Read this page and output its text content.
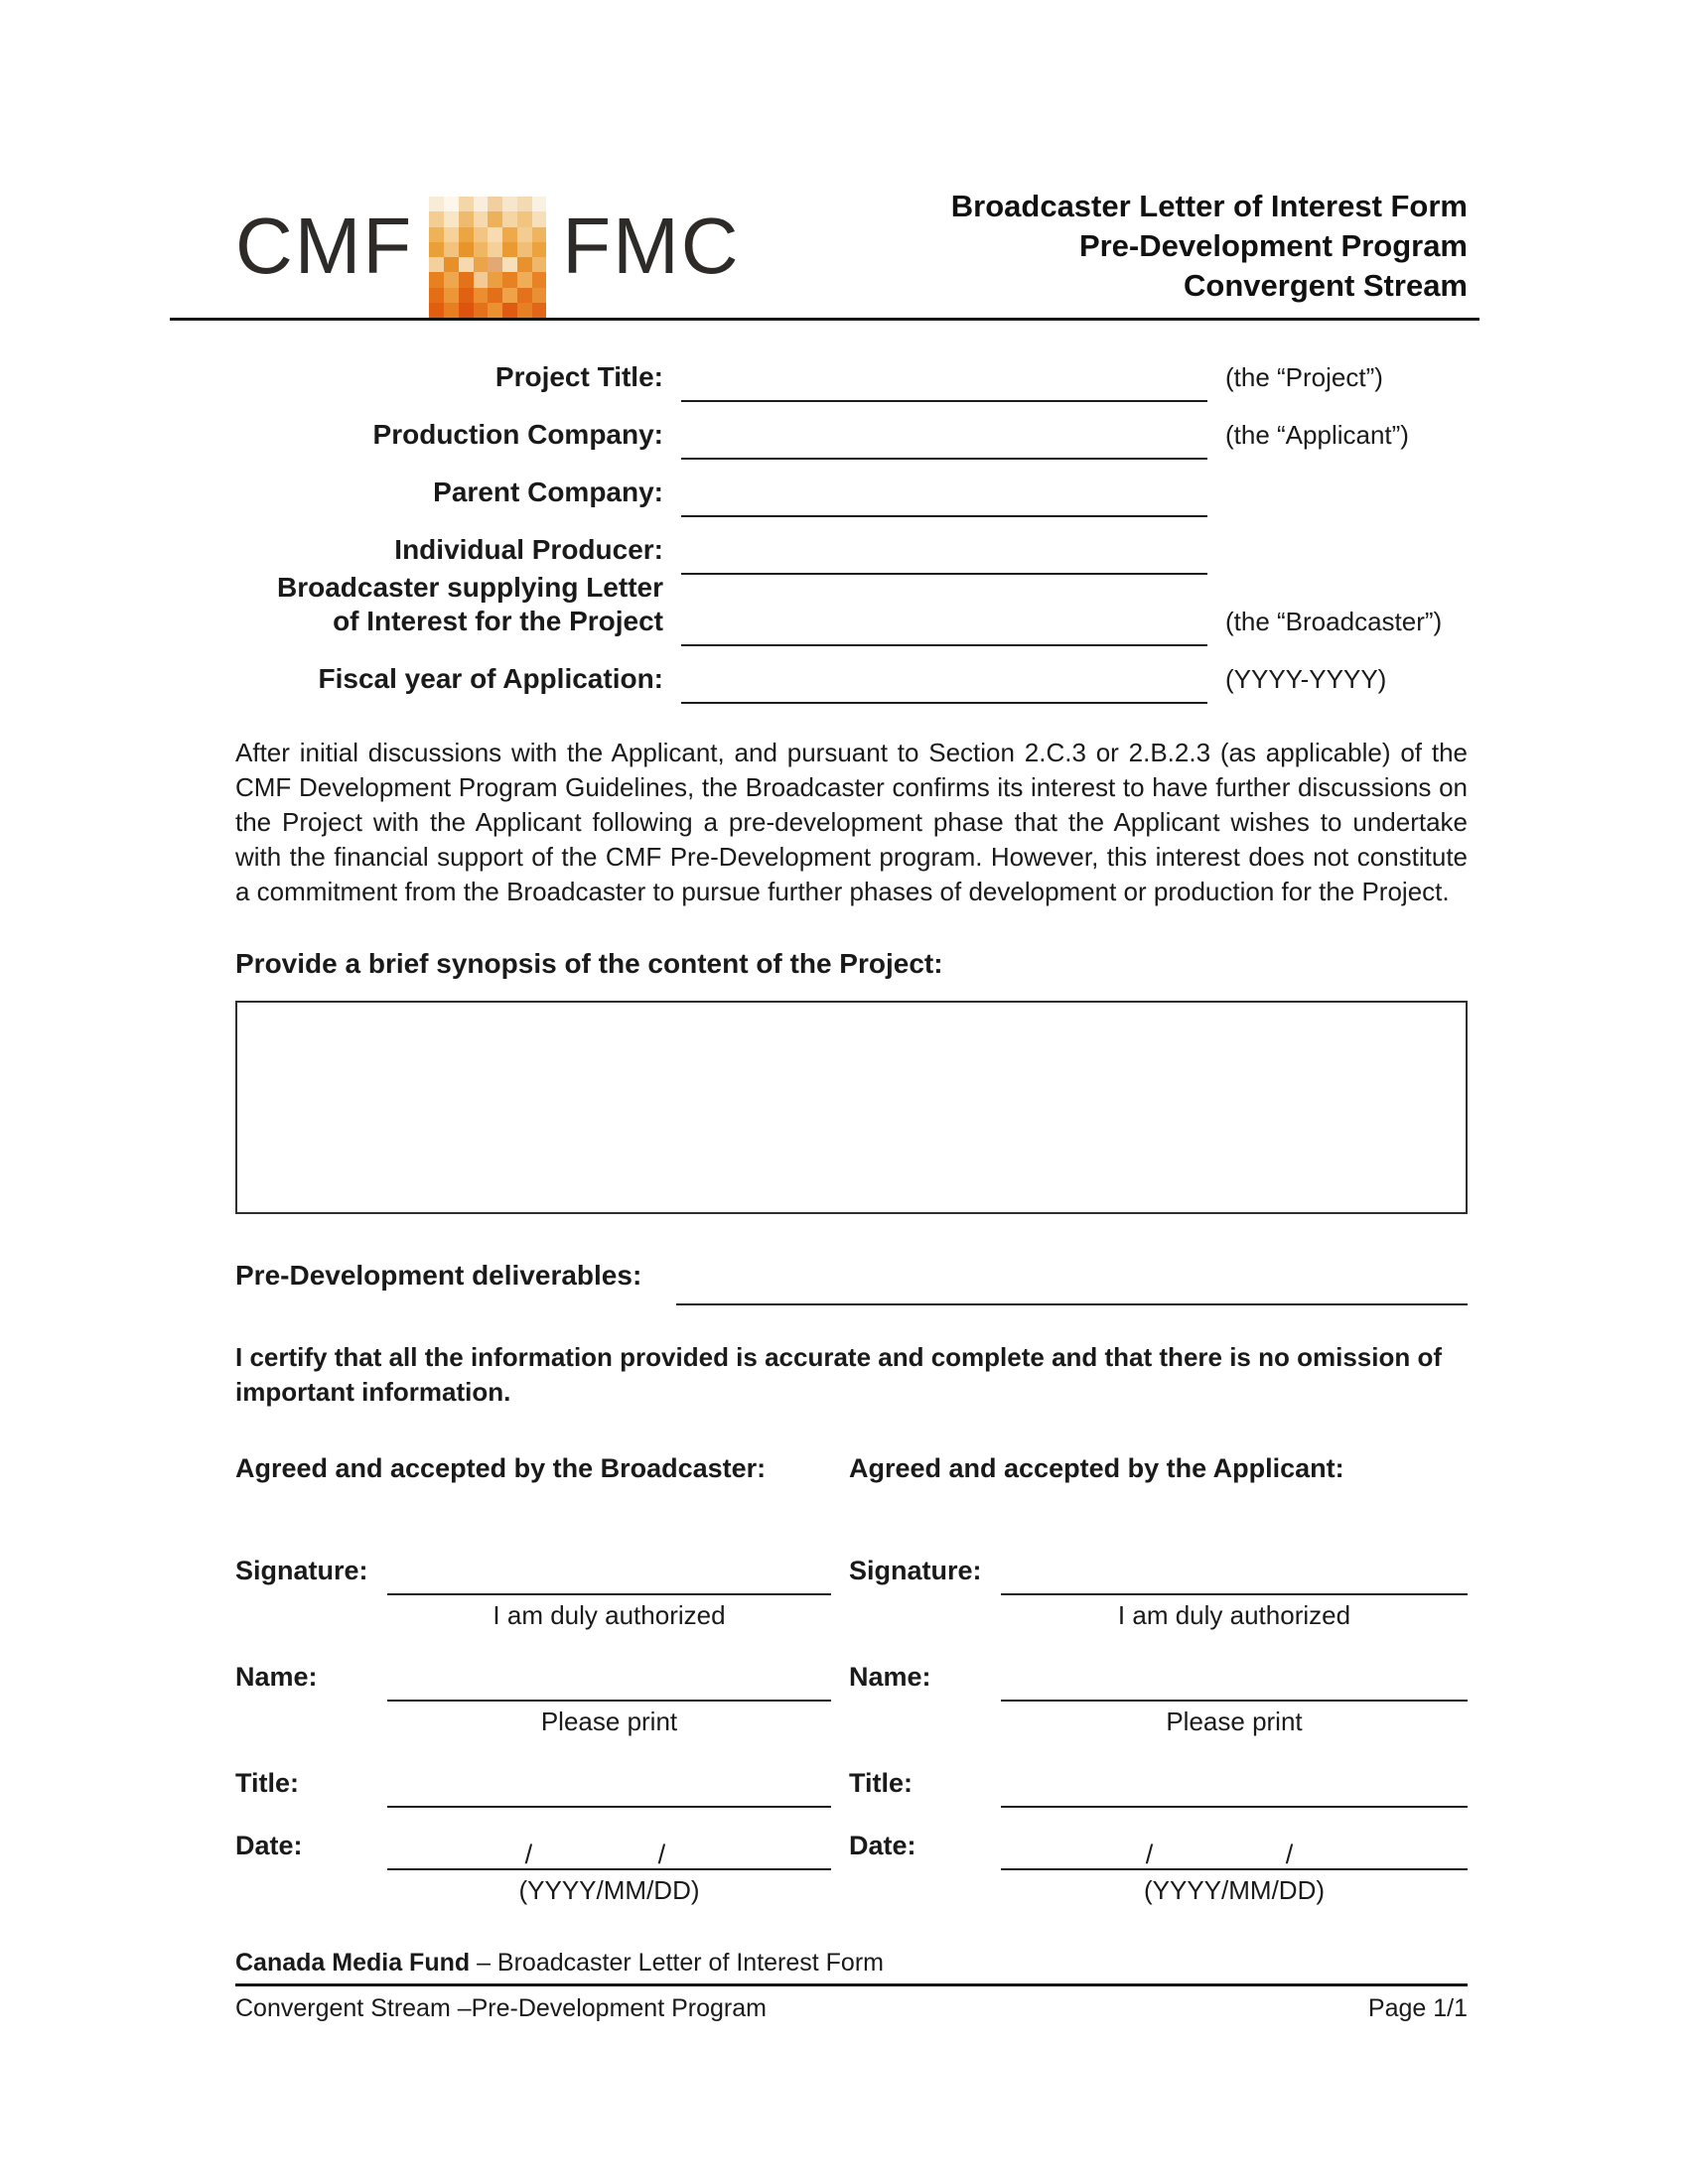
CMF FMC	Broadcaster Letter of Interest Form
Pre-Development Program
Convergent Stream
Project Title:	(the “Project”)
Production Company:	(the “Applicant”)
Parent Company:
Individual Producer:
Broadcaster supplying Letter
of Interest for the Project	(the “Broadcaster”)
Fiscal year of Application:	(YYYY-YYYY)

After initial discussions with the Applicant, and pursuant to Section 2.C.3 or 2.B.2.3 (as applicable) of the CMF Development Program Guidelines, the Broadcaster confirms its interest to have further discussions on the Project with the Applicant following a pre-development phase that the Applicant wishes to undertake with the financial support of the CMF Pre-Development program. However, this interest does not constitute a commitment from the Broadcaster to pursue further phases of development or production for the Project.

Provide a brief synopsis of the content of the Project:
Pre-Development deliverables:
I certify that all the information provided is accurate and complete and that there is no omission of
important information.
Agreed and accepted by the Broadcaster:
Signature:
I am duly authorized
Name:
Please print
Title:
Date:	/	/
(YYYY/MM/DD)
Agreed and accepted by the Applicant:
Signature:
I am duly authorized
Name:
Please print
Title:
Date:	/	/
(YYYY/MM/DD)
Canada Media Fund – Broadcaster Letter of Interest Form
Convergent Stream –Pre-Development Program	Page 1/1
